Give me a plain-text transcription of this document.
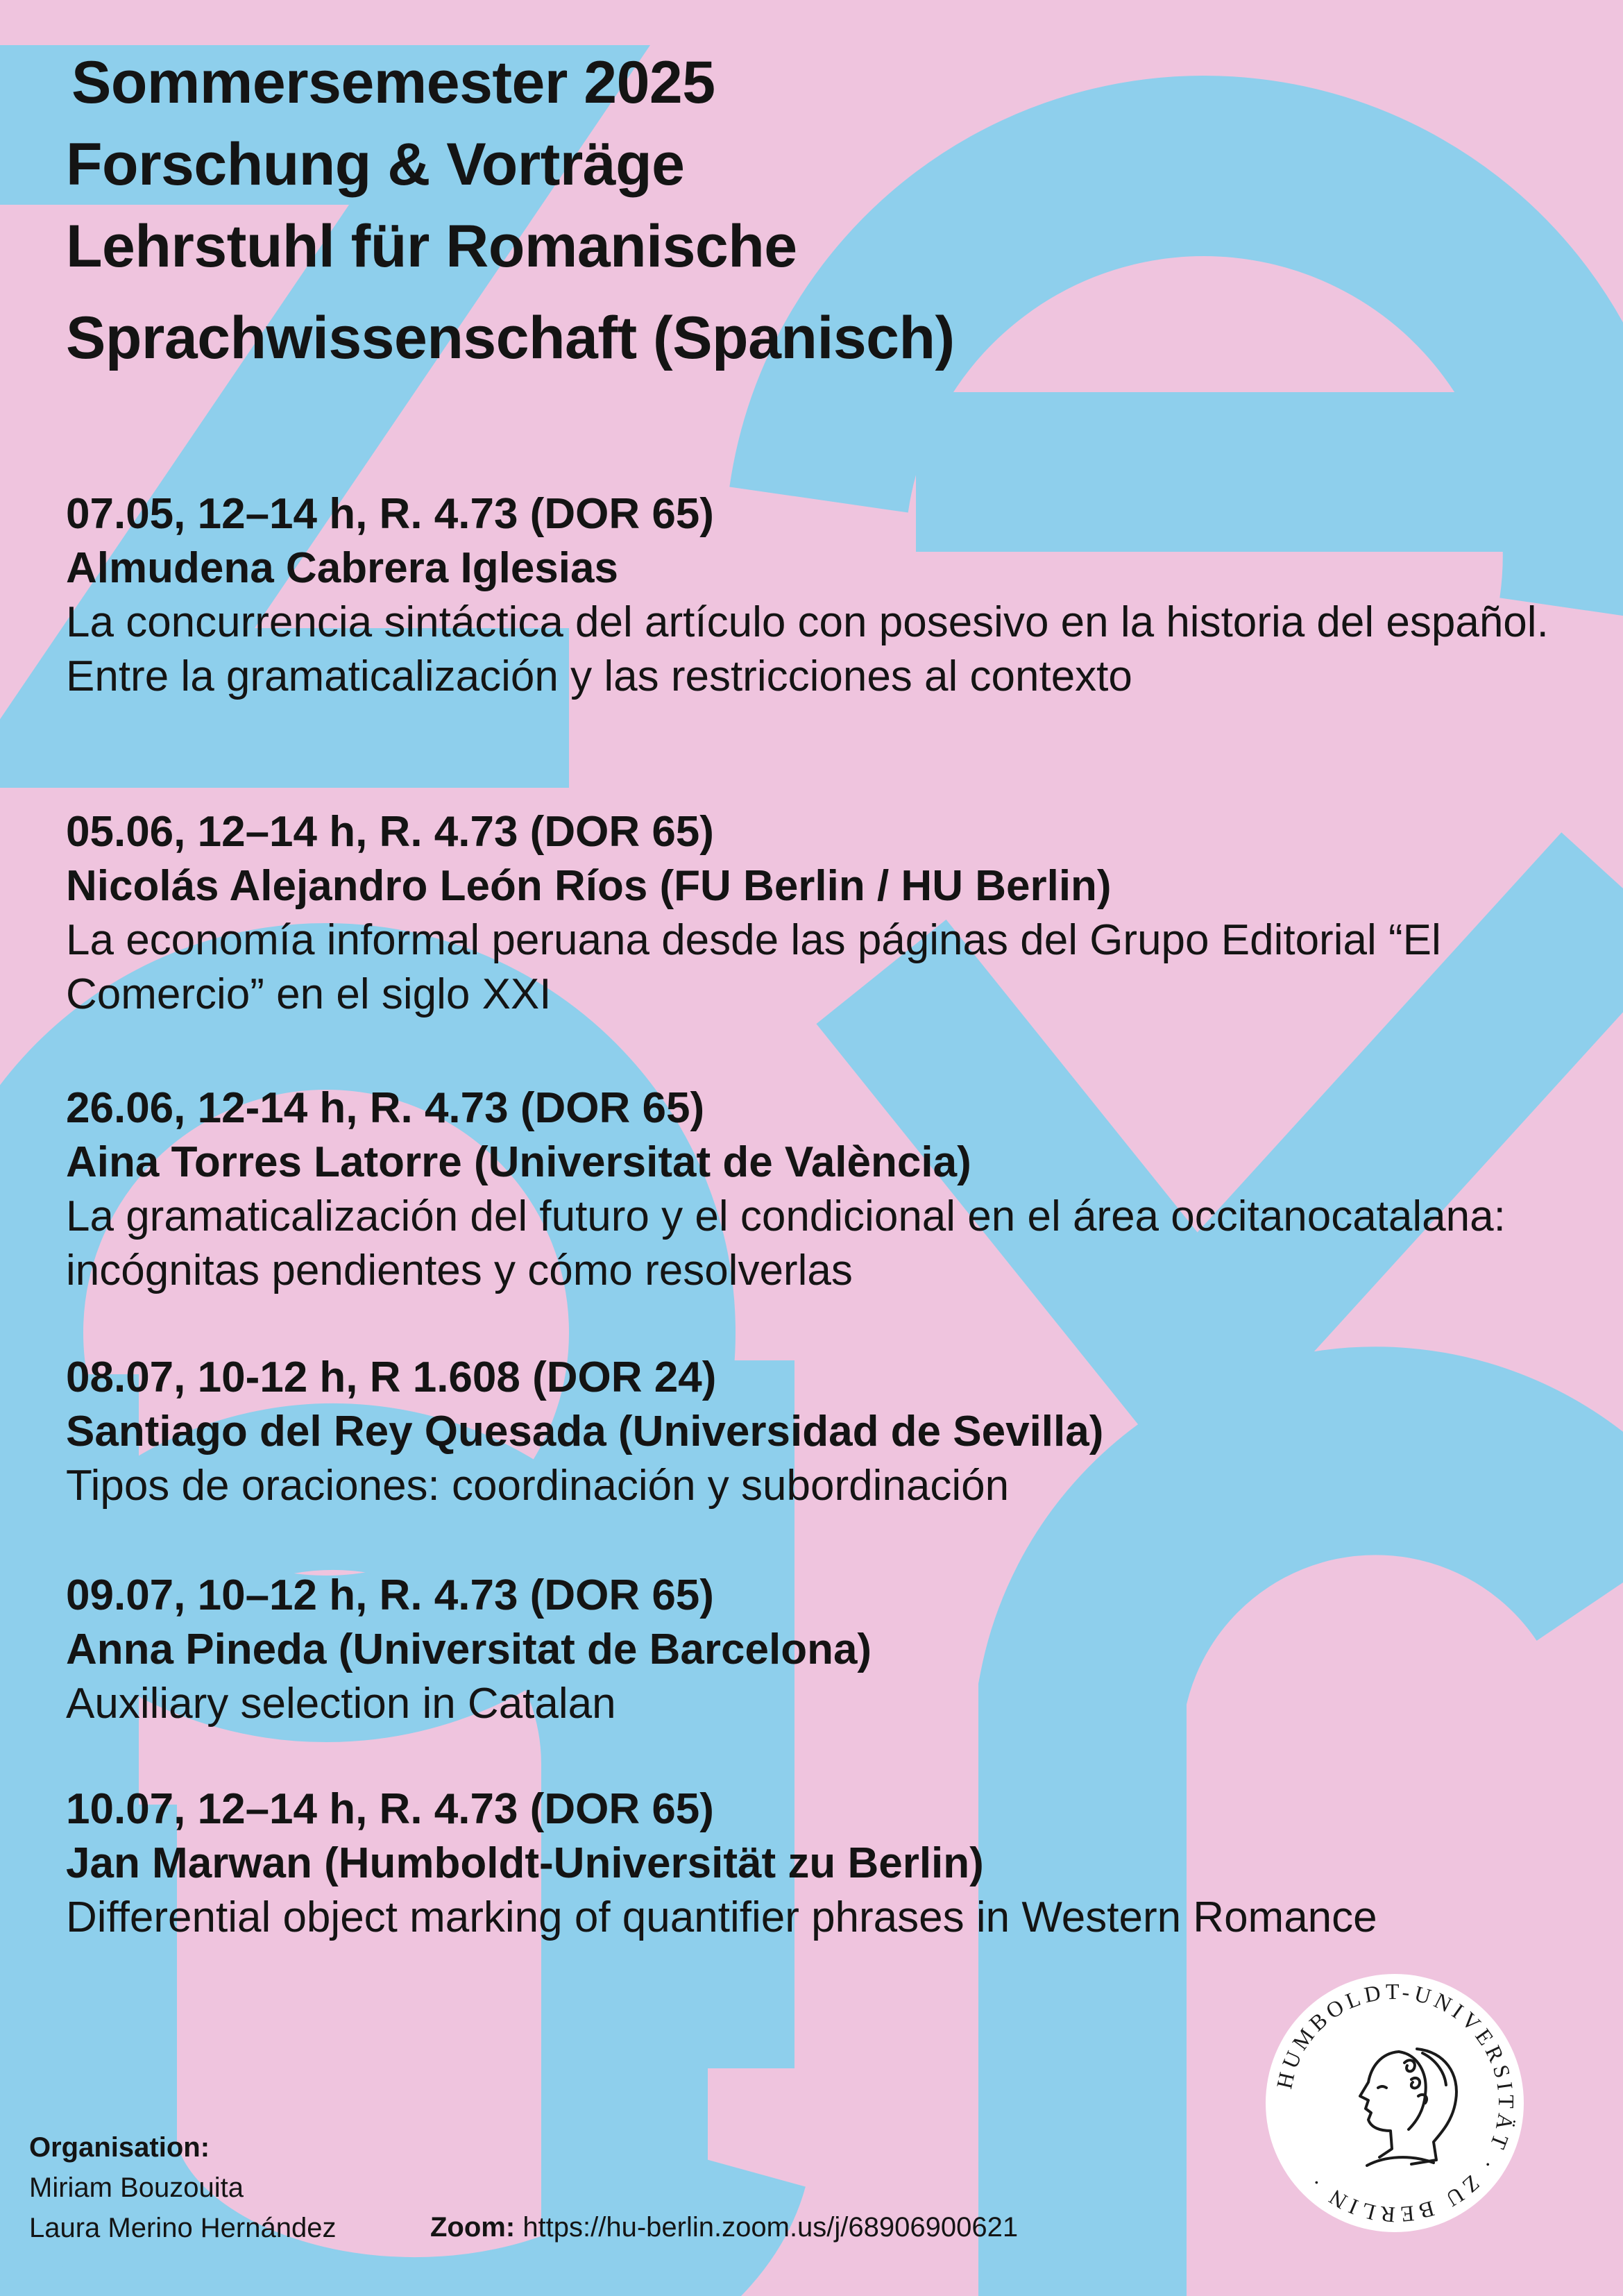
Sommersemester 2025
Forschung & Vorträge
Lehrstuhl für Romanische
Sprachwissenschaft (Spanisch)
07.05, 12–14 h, R. 4.73 (DOR 65)
Almudena Cabrera Iglesias
La concurrencia sintáctica del artículo con posesivo en la historia del español. Entre la gramaticalización y las restricciones al contexto
05.06, 12–14 h, R. 4.73 (DOR 65)
Nicolás Alejandro León Ríos (FU Berlin / HU Berlin)
La economía informal peruana desde las páginas del Grupo Editorial “El Comercio” en el siglo XXI
26.06, 12-14 h, R. 4.73 (DOR 65)
Aina Torres Latorre (Universitat de València)
La gramaticalización del futuro y el condicional en el área occitanocatalana: incógnitas pendientes y cómo resolverlas
08.07, 10-12 h, R 1.608 (DOR 24)
Santiago del Rey Quesada (Universidad de Sevilla)
Tipos de oraciones: coordinación y subordinación
09.07, 10–12 h, R. 4.73 (DOR 65)
Anna Pineda (Universitat de Barcelona)
Auxiliary selection in Catalan
10.07, 12–14 h, R. 4.73 (DOR 65)
Jan Marwan (Humboldt-Universität zu Berlin)
Differential object marking of quantifier phrases in Western Romance
Organisation:
Miriam Bouzouita
Laura Merino Hernández	Zoom: https://hu-berlin.zoom.us/j/68906900621
HUMBOLDT-UNIVERSITÄT · ZU BERLIN ·
